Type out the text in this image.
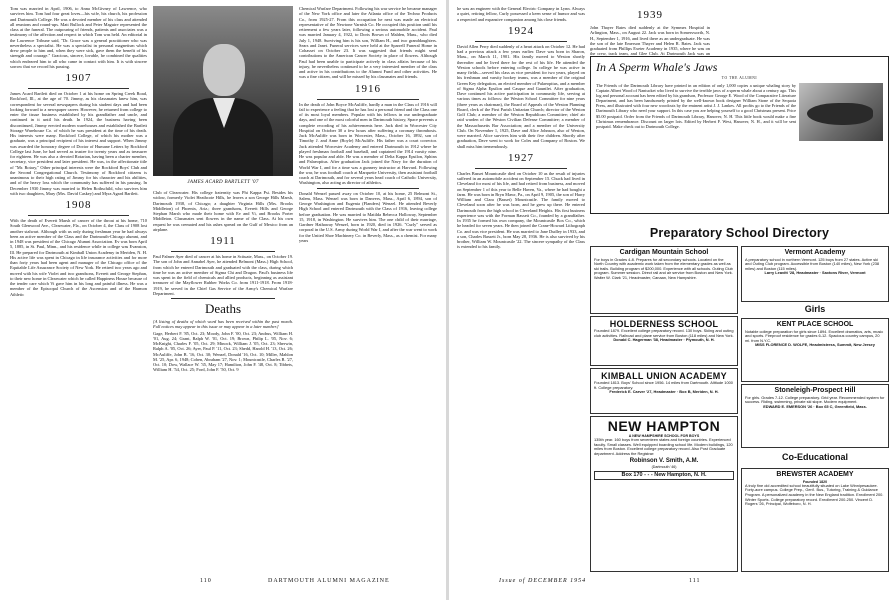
Tom was married in April, 1906, to Anna McGivney of Lawrence, who survives him. Tom had four great loves—his wife, his church, his profession and Dartmouth College. He was a devoted member of his class and attended all reunions and round-ups. Matt Bullock and Peter Maguire represented the class at the funeral. The outpouring of friends, patients and associates was a testimony of the affection and respect in which Tom was held. An editorial in the Lawrence Tribune said, "Dr. Grace was a general practitioner who was nevertheless a specialist. He was a specialist in personal magnetism which drew people to him and, when they were sick, gave them the benefit of his strength and courage." Gracious, sincere, lovable, he combined the qualities which endeared him to all who came in contact with him. It is with sincere sorrow that we record his passing.

1907

James Acard Bartlett died on October 1 at his home on Spring Creek Road, Rockford, Ill., at the age of 70. Jimmy, as his classmates knew him, was correspondent for several newspapers during his student days and had been looking forward to a newspaper career. However, he returned from college to enter the tissue business established by his grandfather and uncle, and continued in it until his death. In 1924, the business having been discontinued, Jimmy erected modern warehouses and established the Bartlett Storage Warehouse Co. of which he was president at the time of his death. His interests were many. Rockford College, of which his mother was a graduate, was a principal recipient of his interest and support. When Jimmy was awarded the honorary degree of Doctor of Humane Letters by Rockford College last June, he had served as trustee for twenty years and as treasurer for eighteen. He was also a devoted Rotarian, having been a charter member, secretary, vice president and later president. He was, in the affectionate title of "Mr. Rotary," Other principal interests were the Rockford Boys' Club and the Second Congregational Church. Testimony of Rockford citizens is unanimous to their high rating of Jimmy for his character and his abilities, and of the heavy loss which the community has suffered in his passing. In December 1930 Jimmy was married to Helen Rothschild, who survives him with two daughters, Mary (Mrs. David Caskey) and Myra Agard Bartlett.

1908

With the death of Everett Marsh of cancer of the throat at his home, 710 South Glenwood Ave., Clearwater, Fla., on October 4, the Class of 1908 lost another stalwart. Although with us only during freshman year he had always been an active member of the Class and the Dartmouth-Chicago alumni, and in 1948 was president of the Chicago Alumni Association. Ev was born April 5, 1885, in St. Paul, Minn., and his residence while in college was Evanston, Ill. He prepared for Dartmouth at Kimball Union Academy in Meriden, N. H. His active life was spent in Chicago in life insurance activities and for more than forty years had been agent and manager of the Chicago office of the Equitable Life Assurance Society of New York. He retired two years ago and moved with his wife Violet and two grandsons, Everett and George Stephan, to their new home in Clearwater which he called Happiness House because of the tender care which Vi gave him in his long and painful illness. He was a member of the Episcopal Church of the Ascension and of the Harmon Athletic

JAMES ACARD BARTLETT '07

Club of Clearwater. His college fraternity was Phi Kappa Psi. Besides his widow, formerly Violet Heathcote Hills, he leaves a son George Hills Marsh, Dartmouth 1938, of Chicago; a daughter Virginia Hills (Mrs. Brooks Middleton) of Phoenix, Ariz.; three grandsons, Everett Hills and George Stephan Marsh who made their home with Ev and Vi, and Brooks Porter Middleton. Classmates sent flowers in the name of the Class. At his own request he was cremated and his ashes spread on the Gulf of Mexico from an airplane.

1911

Paul Palmer Ayer died of cancer at his home in Scituate, Mass., on October 19. The son of John and Annabel Ayer, he attended Belmont (Mass.) High School, from which he entered Dartmouth and graduated with the class, during which time he was an active member of Sigma Chi and Dragon. Paul's business life was spent in the field of chemicals and allied products, beginning as assistant treasurer of the Mayflower Rubber Works Co. from 1911-1918. From 1918-1919, he served in the Chief Gas Service of the Army's Chemical Warfare Department.

Deaths

[A listing of deaths of which word has been received within the past month. Full notices may appear in this issue or may appear in a later number.]

Gage, Herbert F. '85, Oct. 23; Moody, John F. '00, Oct. 23; Andrus, William H. '01, Aug. 24; Grant, Ralph W. '01, Oct. 19; Brown, Philip L. '05, Nov. 6; McKnight, Charles F. '05, Oct. 29; Minock, William J. '05, Oct. 23; Sherwin, Ralph A. '05, Oct. 26; Ayer, Paul P. '11, Oct. 23; Shedd, Harold H. '13, Oct. 26; McAuliffe, John B. '16, Oct. 30; Wenzel, Donald '16, Oct. 10; Miller, Mahlon M. '25, Apr. 6, 1948; Cohen, Abraham '27, Nov. 1; Mountcastle, Charles B. '27, Oct. 10; Dow, Wallace W. '35, May 17; Hamilton, John F. '48, Oct. 8; Tibbets, William H. '54, Oct. 25; Ford, John F. '50, Oct. 9

Chemical Warfare Department. Following his war service he became manager of the New York office and later the Atlanta office of the Techno Products Co., from 1925-27. From this occupation he next was made an electrical representative of the Newtone Varnish Co. He occupied this position until his retirement a few years later, following a serious automobile accident. Paul was married January 4, 1922, to Doris Brown of Malden, Mass., who died July 1, 1948. Surviving him is his son, William H., and two granddaughters. Sears and Janet. Funeral services were held at the Sparrell Funeral Home in Cohasset on October 23. It was suggested that friends might send contributions to the American Cancer Society in place of flowers. Although Paul had been unable to participate actively in class affairs because of his injury, he nevertheless continued to be a very interested member of the class and active in his contributions to the Alumni Fund and other activities. He was a fine citizen, and will be missed by his classmates and friends.

1916

In the death of John Boyce McAuliffe, hardly a man in the Class of 1916 will fail to experience a feeling that he has lost a personal friend and the Class one of its most loyal members. Popular with his fellows in our undergraduate days, and one of the most colorful men in Dartmouth history, Space prevents a complete recording of his achievements here. Jack died in Worcester City Hospital on October 30 a few hours after suffering a coronary thrombosis. Jack McAuliffe was born in Worcester, Mass., October 16, 1892, son of Timothy J. and Anne (Boyle) McAuliffe. His father was a court corrector. Jack attended Worcester Academy and entered Dartmouth in 1912 where he played freshman football and baseball, and captained the 1914 varsity nine. He was popular and able. He was a member of Delta Kappa Epsilon, Sphinx and Palaeopitus. After graduation Jack joined the Navy for the duration of World War I, and for a time was a gunnery instructor at Harvard. Following the war, he was football coach at Marquette University, then assistant football coach at Dartmouth, and for several years head coach of Catholic University, Washington, also acting as director of athletics.

Donald Wenzel passed away on October 10, at his home, 25 Belmont St., Salem, Mass. Wenzel was born in Danvers, Mass., April 6, 1894, son of George Washington and Eugenia (Flanders) Wenzel. He attended Beverly High School and entered Dartmouth with the Class of 1916, leaving college before graduation. He was married to Matilda Rebecca Holloway, September 15, 1918, in Washington. He survives him. The one child of their marriage, Gardner Hathaway Wenzel, born in 1920, died in 1926. "Curly" served as corporal in the U.S. Army during World War I, and after the war went to work for the United Shoe Machinery Co. in Beverly, Mass., as a chemist. For many years

110	DARTMOUTH ALUMNI MAGAZINE

he was an engineer with the General Electric Company in Lynn. Always a quiet, retiring fellow, Curly possessed a keen sense of humor and was a respected and expansive companion among his close friends.

1924

David Allen Perry died suddenly of a heart attack on October 12. He had had a previous attack a few years earlier. Dave was born in Sharon, Mass., on March 11, 1901. His family moved to Weston shortly thereafter and he lived there for the rest of his life. He attended the Weston schools before entering college. In college he was active in many fields—served his class as vice president for two years, played on his freshman and varsity hockey teams, was a member of the original Green Key delegation, an elected member of Palaeopitus, and a member of Sigma Alpha Epsilon and Casque and Gauntlet. After graduation, Dave continued his active participation in community life, serving at various times as follows: the Weston School Committee for nine years (three years as chairman), the Board of Appeals of the Weston Planning Board, clerk of the First Parish Unitarian Church; director of the Weston Golf Club; a member of the Weston Republican Committee; chief air raid warden of the Weston Civilian Defense Committee; a member of the Massachusetts Bar Association; and a member of the University Club. On November 1, 1925, Dave and Alice Johnson, also of Weston, were married. Alice survives him with their five children. Shortly after graduation, Dave went to work for Coles and Company of Boston. We shall miss him tremendously.

1927

Charles Basset Mountcastle died on October 10 as the result of injuries suffered in an automobile accident on September 15. Chuck had lived in Cleveland for most of his life, and had retired from business, and moved on September 1 of this year to Belle Haven, Va., where he had bought a farm. He was born in Bryn Mawr, Pa., on April 9, 1905, the son of Harry William and Clara (Basset) Mountcastle. The family moved to Cleveland soon after he was born, and he grew up there. He entered Dartmouth from the high school in Cleveland Heights. His first business experience was with the Forman Bassett Co., founded by a grandfather. In 1935 he formed his own company, the Mountcastle Box Co., which he headed for seven years. He then joined the Crane-Howard Lithograph Co. and was vice president. He was married to Jane Dudley in 1933, and a son, Charles Bassett Jr., born May 28, 1936. He is also survived by his brother, William W. Mountcastle '22. The sincere sympathy of the Class is extended to his family.

1939

John Thayer Bates died suddenly at the Symmes Hospital in Arlington, Mass., on August 22. Jack was born in Somersworth, N. H., September 1, 1916, and lived there as an undergraduate. He was the son of the late Emerson Thayer and Helen R. Bates. Jack was graduated from Phillips Exeter Academy in 1935, where he was on the crew, track team, and Glee Club. At Dartmouth Jack was an

In A Sperm Whale's Jaws
TO THE ALUMNI
The Friends of the Dartmouth Library have printed in an edition of only 1,000 copies a unique whaling story by Captain Albert Wood of Nantucket who lived to survive the terrible jaws of a sperm whale about a century ago. This log and personal account has been edited by his grandson, Professor George E. Wood of the Comparative Literature Department, and has been handsomely printed by the well-known book designer William Stone of the Sequoia Press, and illustrated with four new woodcuts by the eminent artist J. J. Lankes. All profits go to the Friends of the Dartmouth Library who need your support. In this case you are helping yourself to a good Christmas present. Price $5.00 postpaid. Order from the Friends of Dartmouth Library, Hanover, N. H. This little book would make a fine Christmas remembrance. Discount on larger lots. Edited by Herbert F. West, Hanover, N. H., and it will be sent postpaid. Make check out to Dartmouth College.
Preparatory School Directory
Cardigan Mountain School

For boys in Grades 4-8. Prepares for all secondary schools. Located on the North Country with academic work taken from the elementary grades as well as ski trails. Building program of $200,000. Experience with all schools. Outing Club program. Summer session. Direct rail and air service from Boston and New York. Walter W. Clark '21, Headmaster, Canaan, New Hampshire.

HOLDERNESS SCHOOL

Founded 1879. Excellent college preparatory record. 130 boys. Skiing and outing club activities. Railroad and plane service from Boston (118 miles) and New York.

Donald C. Hagerman '38, Headmaster · Plymouth, N. H.

KIMBALL UNION ACADEMY

Founded 1813. Boys' School since 1956. 14 miles from Dartmouth. Altitude 1000 ft. College preparatory.

Frederick E. Carver '27, Headmaster · Box B, Meriden, N. H.

NEW HAMPTON

A NEW HAMPSHIRE SCHOOL FOR BOYS

135th year. 160 boys from seventeen states and foreign countries. Experienced faculty. Small classes. Well equipped boarding school life. Modern buildings, 120 miles from Boston. Excellent college preparatory record. Also Post Graduate department. Address the Registrar:

Robinson V. Smith, A.M.

(Dartmouth '46)

Box 170 - - - New Hampton, N. H.

Vermont Academy

A preparatory school in northern Vermont. 125 boys from 27 states. Active ski and Outing Club program. Accessible from Boston (140 miles), New York (238 miles) and Boston (115 miles).

Larry Leavitt '28, Headmaster · Saxtons River, Vermont

Girls
KENT PLACE SCHOOL

Notable college preparation for girls since 1894. Excellent dramatics, arts, music and sports. Fireproof residence for grades 6-12. Spacious country campus, 20 mi. from N.Y.C.

MISS FLORENCE D. WOLFE, Headmistress, Summit, New Jersey

Stoneleigh-Prospect Hill

For girls. Grades 7-12. College preparatory. Grid year. Recommended system for success. Riding, swimming, private ski slope. Modern equipment.

EDWARD E. EMERSON '26 · Box 65 C, Greenfield, Mass.

Co-Educational
BREWSTER ACADEMY

Founded 1820

A truly fine old accredited school beautifully situated on Lake Winnipesaukee. Forty-acre campus. College Prep., Gen'l. Bus., Tutoring, Training & Guidance Program. A personalized academy in the New England tradition. Enrollment 200. Winter Sports. College preparatory record. Enrollment 200-250. Vincent D. Rogers '26, Principal, Wolfeboro, N. H.

Issue of DECEMBER 1954	111
